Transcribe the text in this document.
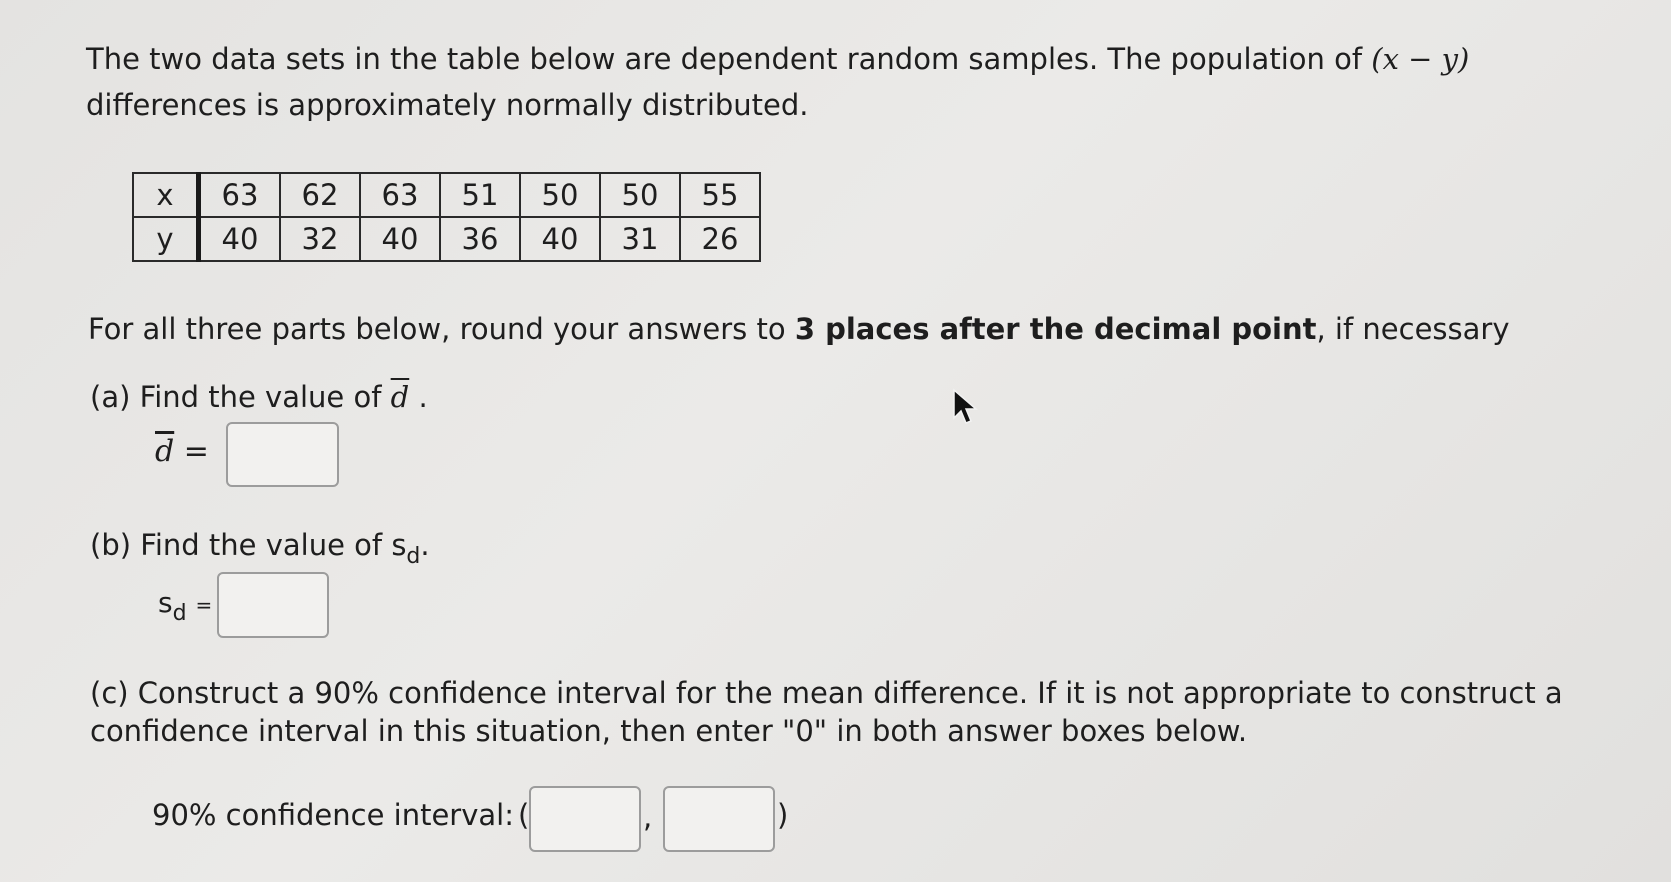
The two data sets in the table below are dependent random samples. The population of (x − y)
differences is approximately normally distributed.
x	63	62	63	51	50	50	55
y	40	32	40	36	40	31	26
For all three parts below, round your answers to 3 places after the decimal point, if necessary
(a) Find the value of $\overline{d}$ .
$\overline{d}$ =
(b) Find the value of $s_d$.
$s_d$ =
(c) Construct a 90% confidence interval for the mean difference. If it is not appropriate to construct a
confidence interval in this situation, then enter "0" in both answer boxes below.
90% confidence interval: (	,	)
